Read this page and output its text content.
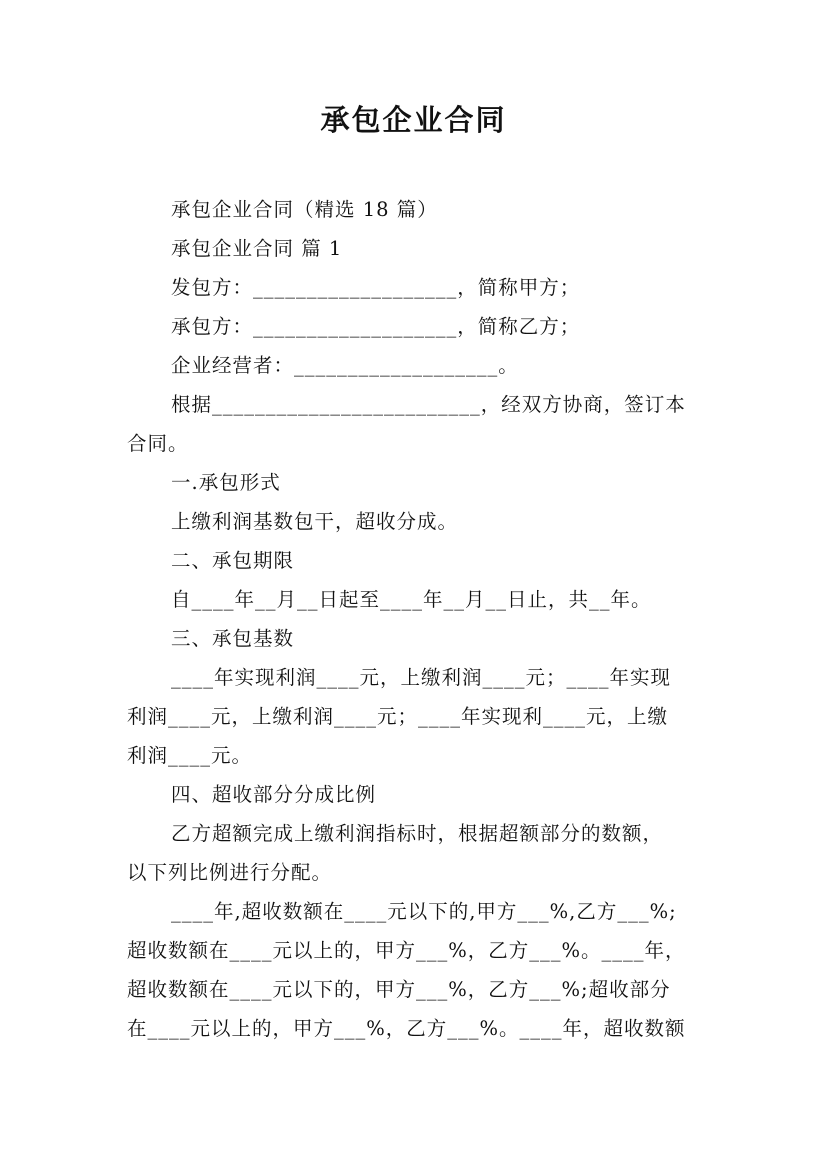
承包企业合同
承包企业合同（精选 18 篇）
承包企业合同 篇 1
发包方：___________________，简称甲方；
承包方：___________________，简称乙方；
企业经营者：___________________。
根据_________________________，经双方协商，签订本
合同。
一.承包形式
上缴利润基数包干，超收分成。
二、承包期限
自____年__月__日起至____年__月__日止，共__年。
三、承包基数
____年实现利润____元，上缴利润____元；____年实现
利润____元，上缴利润____元；____年实现利____元，上缴
利润____元。
四、超收部分分成比例
乙方超额完成上缴利润指标时，根据超额部分的数额，
以下列比例进行分配。
____年,超收数额在____元以下的,甲方___%,乙方___%;
超收数额在____元以上的，甲方___%，乙方___%。____年，
超收数额在____元以下的，甲方___%，乙方___%;超收部分
在____元以上的，甲方___%，乙方___%。____年，超收数额
